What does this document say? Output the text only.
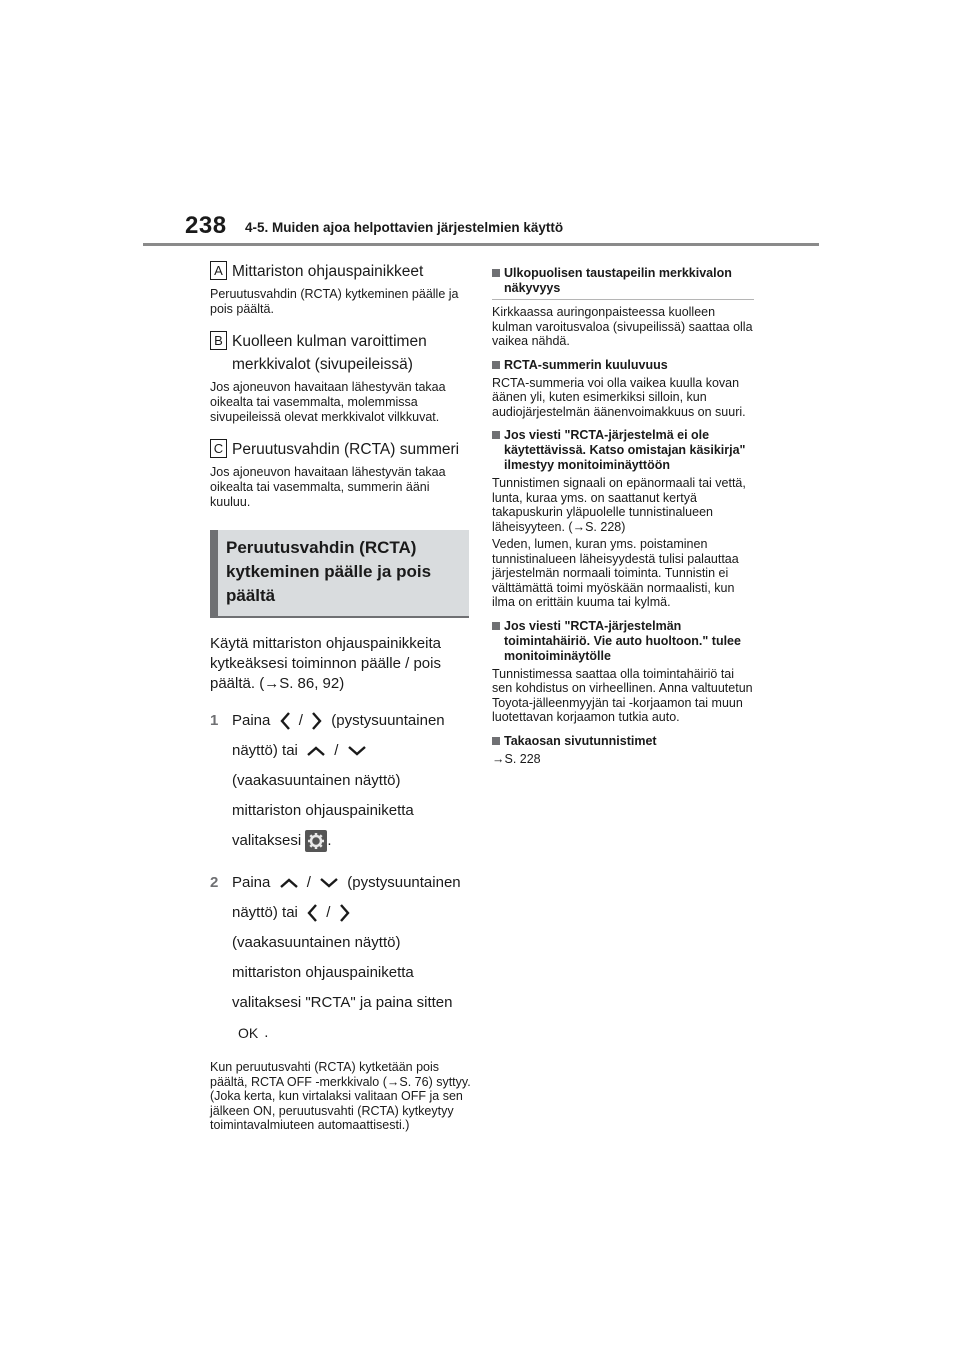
238 4-5. Muiden ajoa helpottavien järjestelmien käyttö
A Mittariston ohjauspainikkeet
Peruutusvahdin (RCTA) kytkeminen päälle ja pois päältä.
B Kuolleen kulman varoittimen
merkkivalot (sivupeileissä)
Jos ajoneuvon havaitaan lähestyvän takaa oikealta tai vasemmalta, molemmissa sivupeileissä olevat merkkivalot vilkkuvat.
C Peruutusvahdin (RCTA) summeri
Jos ajoneuvon havaitaan lähestyvän takaa oikealta tai vasemmalta, summerin ääni kuuluu.
Peruutusvahdin (RCTA) kytkeminen päälle ja pois päältä
Käytä mittariston ohjauspainikkeita kytkeäksesi toiminnon päälle / pois päältä. (→S. 86, 92)
1 Paina / (pystysuuntainen näyttö) tai /  (vaakasuuntainen näyttö) mittariston ohjauspainiketta valitaksesi .
2 Paina / (pystysuuntainen näyttö) tai /  (vaakasuuntainen näyttö) mittariston ohjauspainiketta valitaksesi "RCTA" ja paina sitten OK .
Kun peruutusvahti (RCTA) kytketään pois päältä, RCTA OFF -merkkivalo (→S. 76) syttyy. (Joka kerta, kun virtalaksi valitaan OFF ja sen jälkeen ON, peruutusvahti (RCTA) kytkeytyy toimintavalmiuteen automaattisesti.)
Ulkopuolisen taustapeilin merkkivalon näkyvyys
Kirkkaassa auringonpaisteessa kuolleen kulman varoitusvaloa (sivupeilissä) saattaa olla vaikea nähdä.
RCTA-summerin kuuluvuus
RCTA-summeria voi olla vaikea kuulla kovan äänen yli, kuten esimerkiksi silloin, kun audiojärjestelmän äänenvoimakkuus on suuri.
Jos viesti "RCTA-järjestelmä ei ole käytettävissä. Katso omistajan käsikirja" ilmestyy monitoiminäyttöön
Tunnistimen signaali on epänormaali tai vettä, lunta, kuraa yms. on saattanut kertyä takapuskurin yläpuolelle tunnistinalueen läheisyyteen. (→S. 228)
Veden, lumen, kuran yms. poistaminen tunnistinalueen läheisyydestä tulisi palauttaa järjestelmän normaali toiminta. Tunnistin ei välttämättä toimi myöskään normaalisti, kun ilma on erittäin kuuma tai kylmä.
Jos viesti "RCTA-järjestelmän toimintahäiriö. Vie auto huoltoon." tulee monitoiminäytölle
Tunnistimessa saattaa olla toimintahäiriö tai sen kohdistus on virheellinen. Anna valtuutetun Toyota-jälleenmyyjän tai -korjaamon tai muun luotettavan korjaamon tutkia auto.
Takaosan sivutunnistimet
→S. 228
